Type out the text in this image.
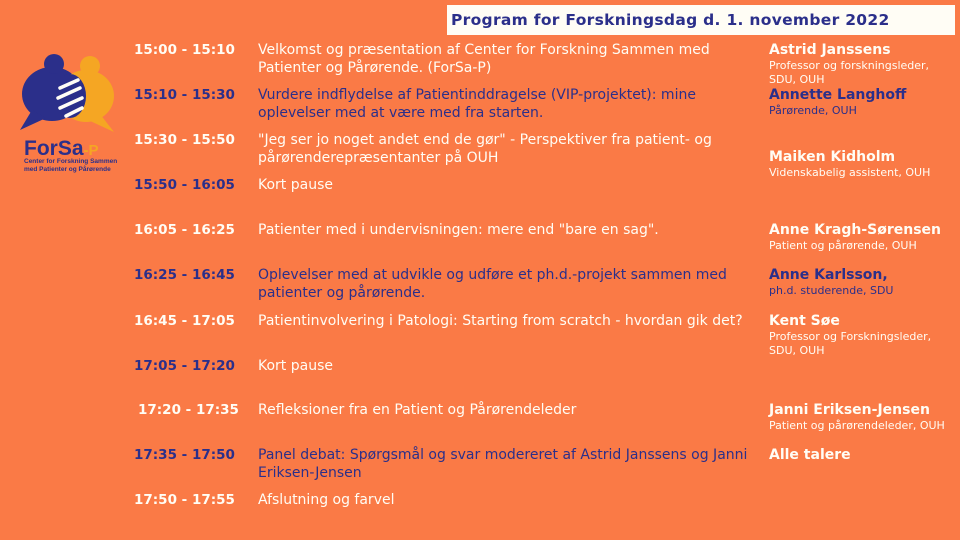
Program for Forskningsdag d. 1. november 2022
ForSa-P
Center for Forskning Sammen
med Patienter og Pårørende
15:00 - 15:10 Velkomst og præsentation af Center for Forskning Sammen med Patienter og Pårørende. (ForSa-P)
15:10 - 15:30 Vurdere indflydelse af Patientinddragelse (VIP-projektet): mine oplevelser med at være med fra starten.
15:30 - 15:50 "Jeg ser jo noget andet end de gør" - Perspektiver fra patient- og pårørenderepræsentanter på OUH
15:50 - 16:05 Kort pause
16:05 - 16:25 Patienter med i undervisningen: mere end "bare en sag".
16:25 - 16:45 Oplevelser med at udvikle og udføre et ph.d.-projekt sammen med patienter og pårørende.
16:45 - 17:05 Patientinvolvering i Patologi: Starting from scratch - hvordan gik det?
17:05 - 17:20 Kort pause
17:20 - 17:35 Refleksioner fra en Patient og Pårørendeleder
17:35 - 17:50 Panel debat: Spørgsmål og svar modereret af Astrid Janssens og Janni Eriksen-Jensen
17:50 - 17:55 Afslutning og farvel
Astrid Janssens
Professor og forskningsleder, SDU, OUH
Annette Langhoff
Pårørende, OUH
Maiken Kidholm
Videnskabelig assistent, OUH
Anne Kragh-Sørensen
Patient og pårørende, OUH
Anne Karlsson,
ph.d. studerende, SDU
Kent Søe
Professor og Forskningsleder, SDU, OUH
Janni Eriksen-Jensen
Patient og pårørendeleder, OUH
Alle talere
